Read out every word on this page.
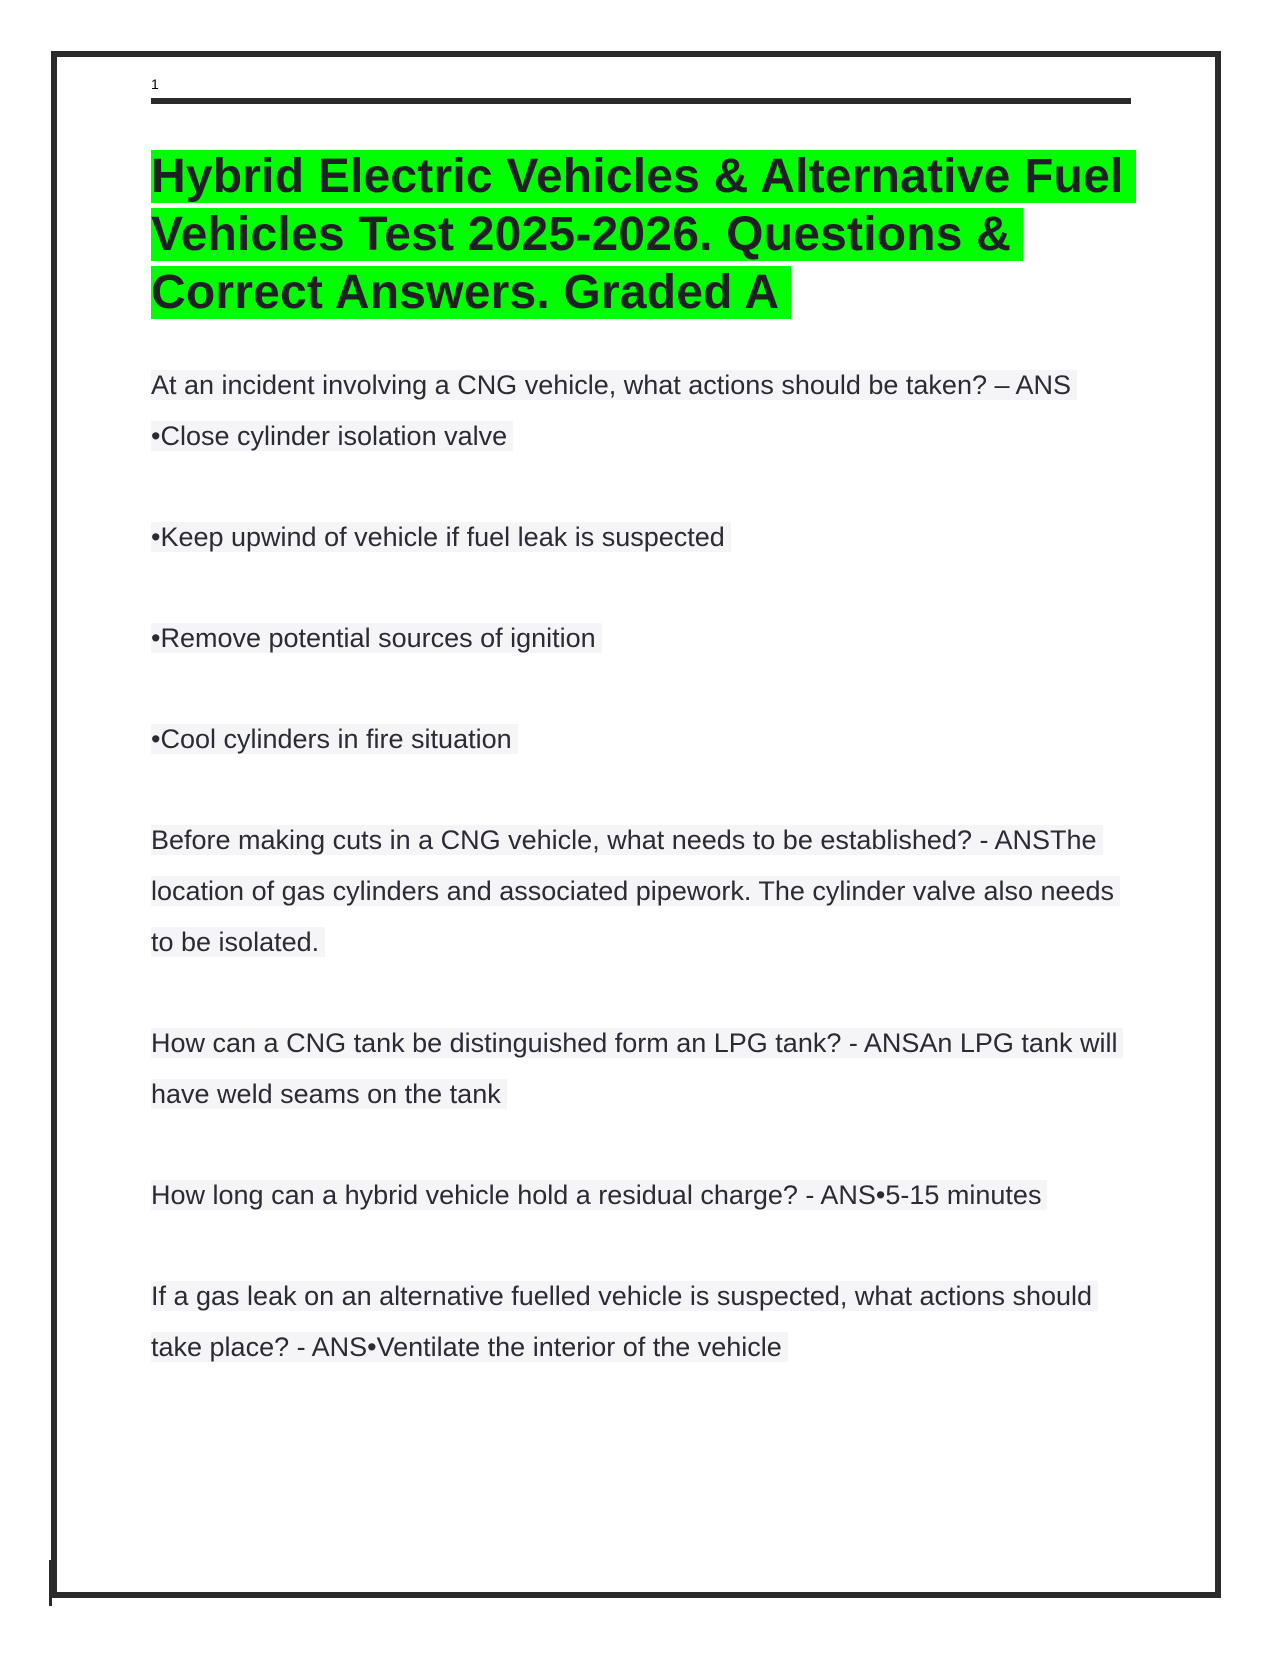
1

Hybrid Electric Vehicles & Alternative Fuel Vehicles Test 2025-2026. Questions & Correct Answers. Graded A

At an incident involving a CNG vehicle, what actions should be taken? – ANS

•Close cylinder isolation valve

•Keep upwind of vehicle if fuel leak is suspected

•Remove potential sources of ignition

•Cool cylinders in fire situation

Before making cuts in a CNG vehicle, what needs to be established? - ANSThe location of gas cylinders and associated pipework. The cylinder valve also needs to be isolated.

How can a CNG tank be distinguished form an LPG tank? - ANSAn LPG tank will have weld seams on the tank

How long can a hybrid vehicle hold a residual charge? - ANS•5-15 minutes

If a gas leak on an alternative fuelled vehicle is suspected, what actions should take place? - ANS•Ventilate the interior of the vehicle
